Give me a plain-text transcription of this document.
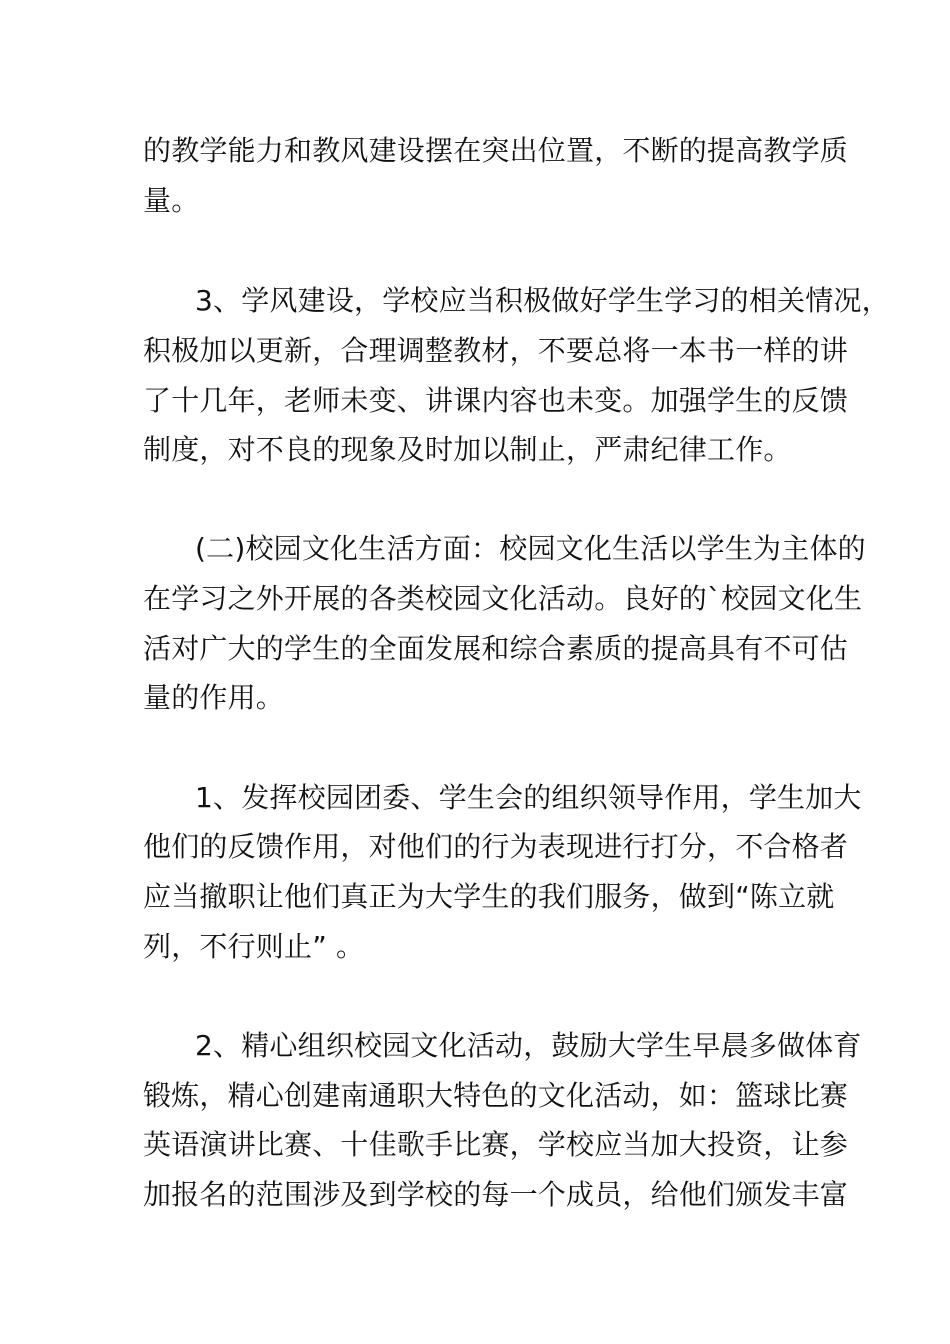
的教学能力和教风建设摆在突出位置，不断的提高教学质
量。
3、学风建设，学校应当积极做好学生学习的相关情况，
积极加以更新，合理调整教材，不要总将一本书一样的讲
了十几年，老师未变、讲课内容也未变。加强学生的反馈
制度，对不良的现象及时加以制止，严肃纪律工作。
(二)校园文化生活方面：校园文化生活以学生为主体的
在学习之外开展的各类校园文化活动。良好的`校园文化生
活对广大的学生的全面发展和综合素质的提高具有不可估
量的作用。
1、发挥校园团委、学生会的组织领导作用，学生加大
他们的反馈作用，对他们的行为表现进行打分，不合格者
应当撤职让他们真正为大学生的我们服务，做到“陈立就
列，不行则止” 。
2、精心组织校园文化活动，鼓励大学生早晨多做体育
锻炼，精心创建南通职大特色的文化活动，如：篮球比赛
英语演讲比赛、十佳歌手比赛，学校应当加大投资，让参
加报名的范围涉及到学校的每一个成员，给他们颁发丰富
